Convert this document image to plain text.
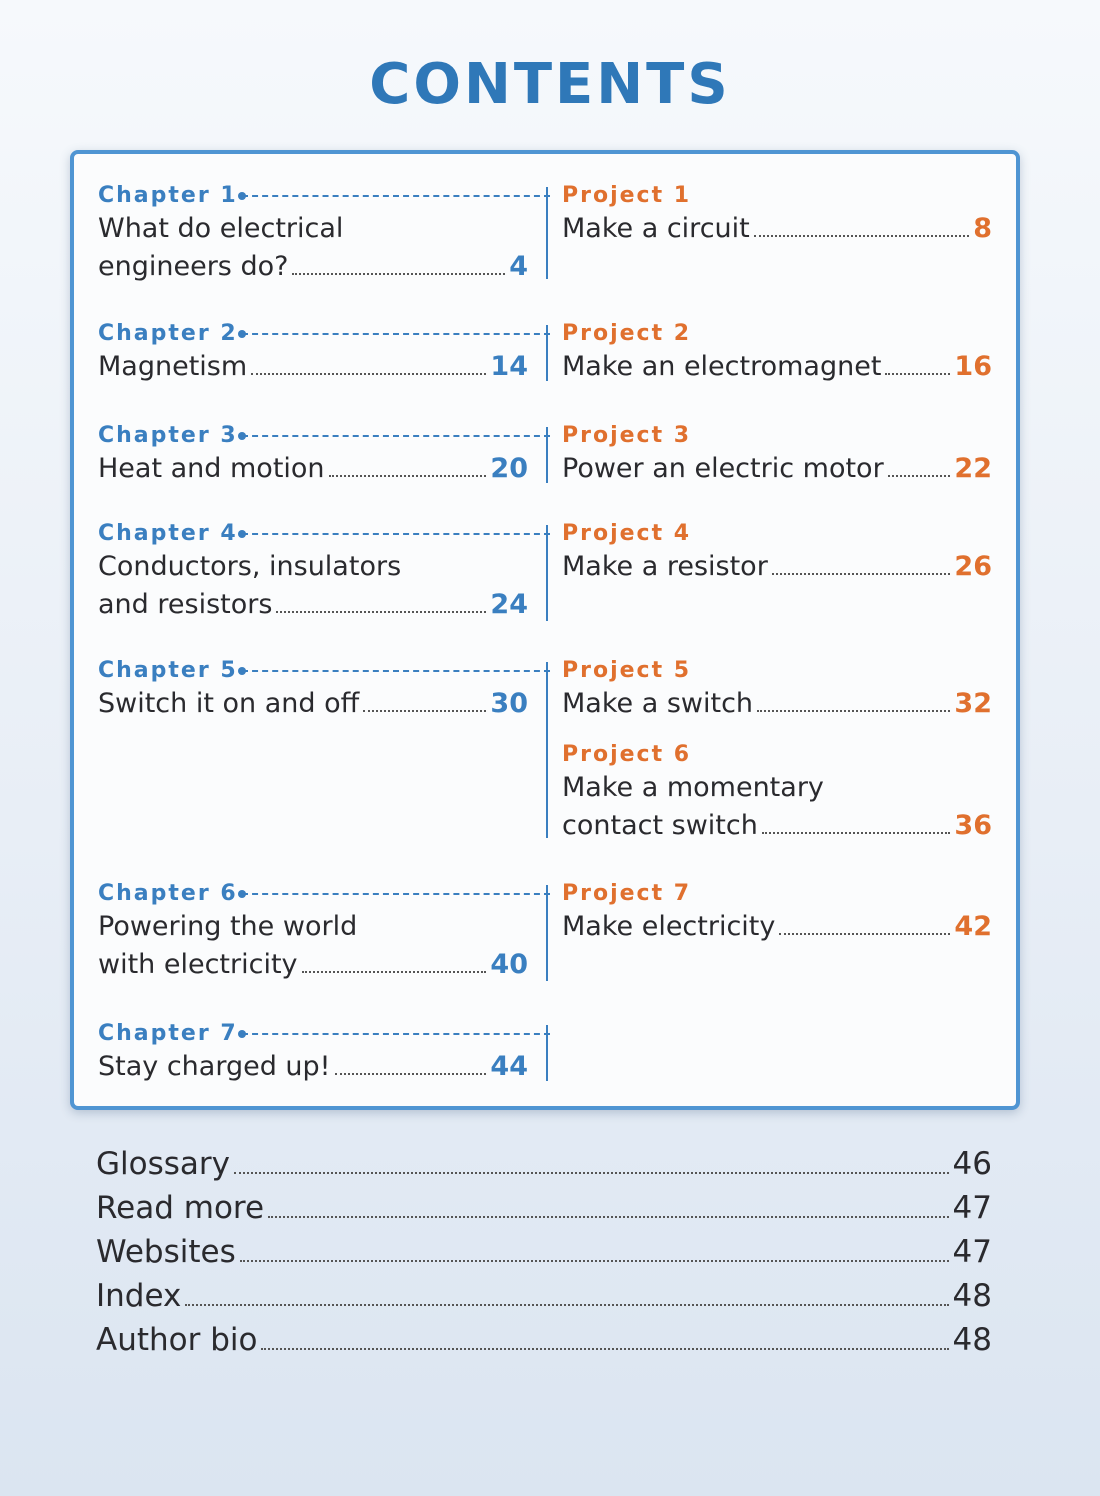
CONTENTS
Chapter 1
What do electrical
engineers do?	4
Project 1
Make a circuit	8
Chapter 2
Magnetism	14
Project 2
Make an electromagnet	16
Chapter 3
Heat and motion	20
Project 3
Power an electric motor	22
Chapter 4
Conductors, insulators
and resistors	24
Project 4
Make a resistor	26
Chapter 5
Switch it on and off	30
Project 5
Make a switch	32
Project 6
Make a momentary
contact switch	36
Chapter 6
Powering the world
with electricity	40
Project 7
Make electricity	42
Chapter 7
Stay charged up!	44
Glossary	46
Read more	47
Websites	47
Index	48
Author bio	48
